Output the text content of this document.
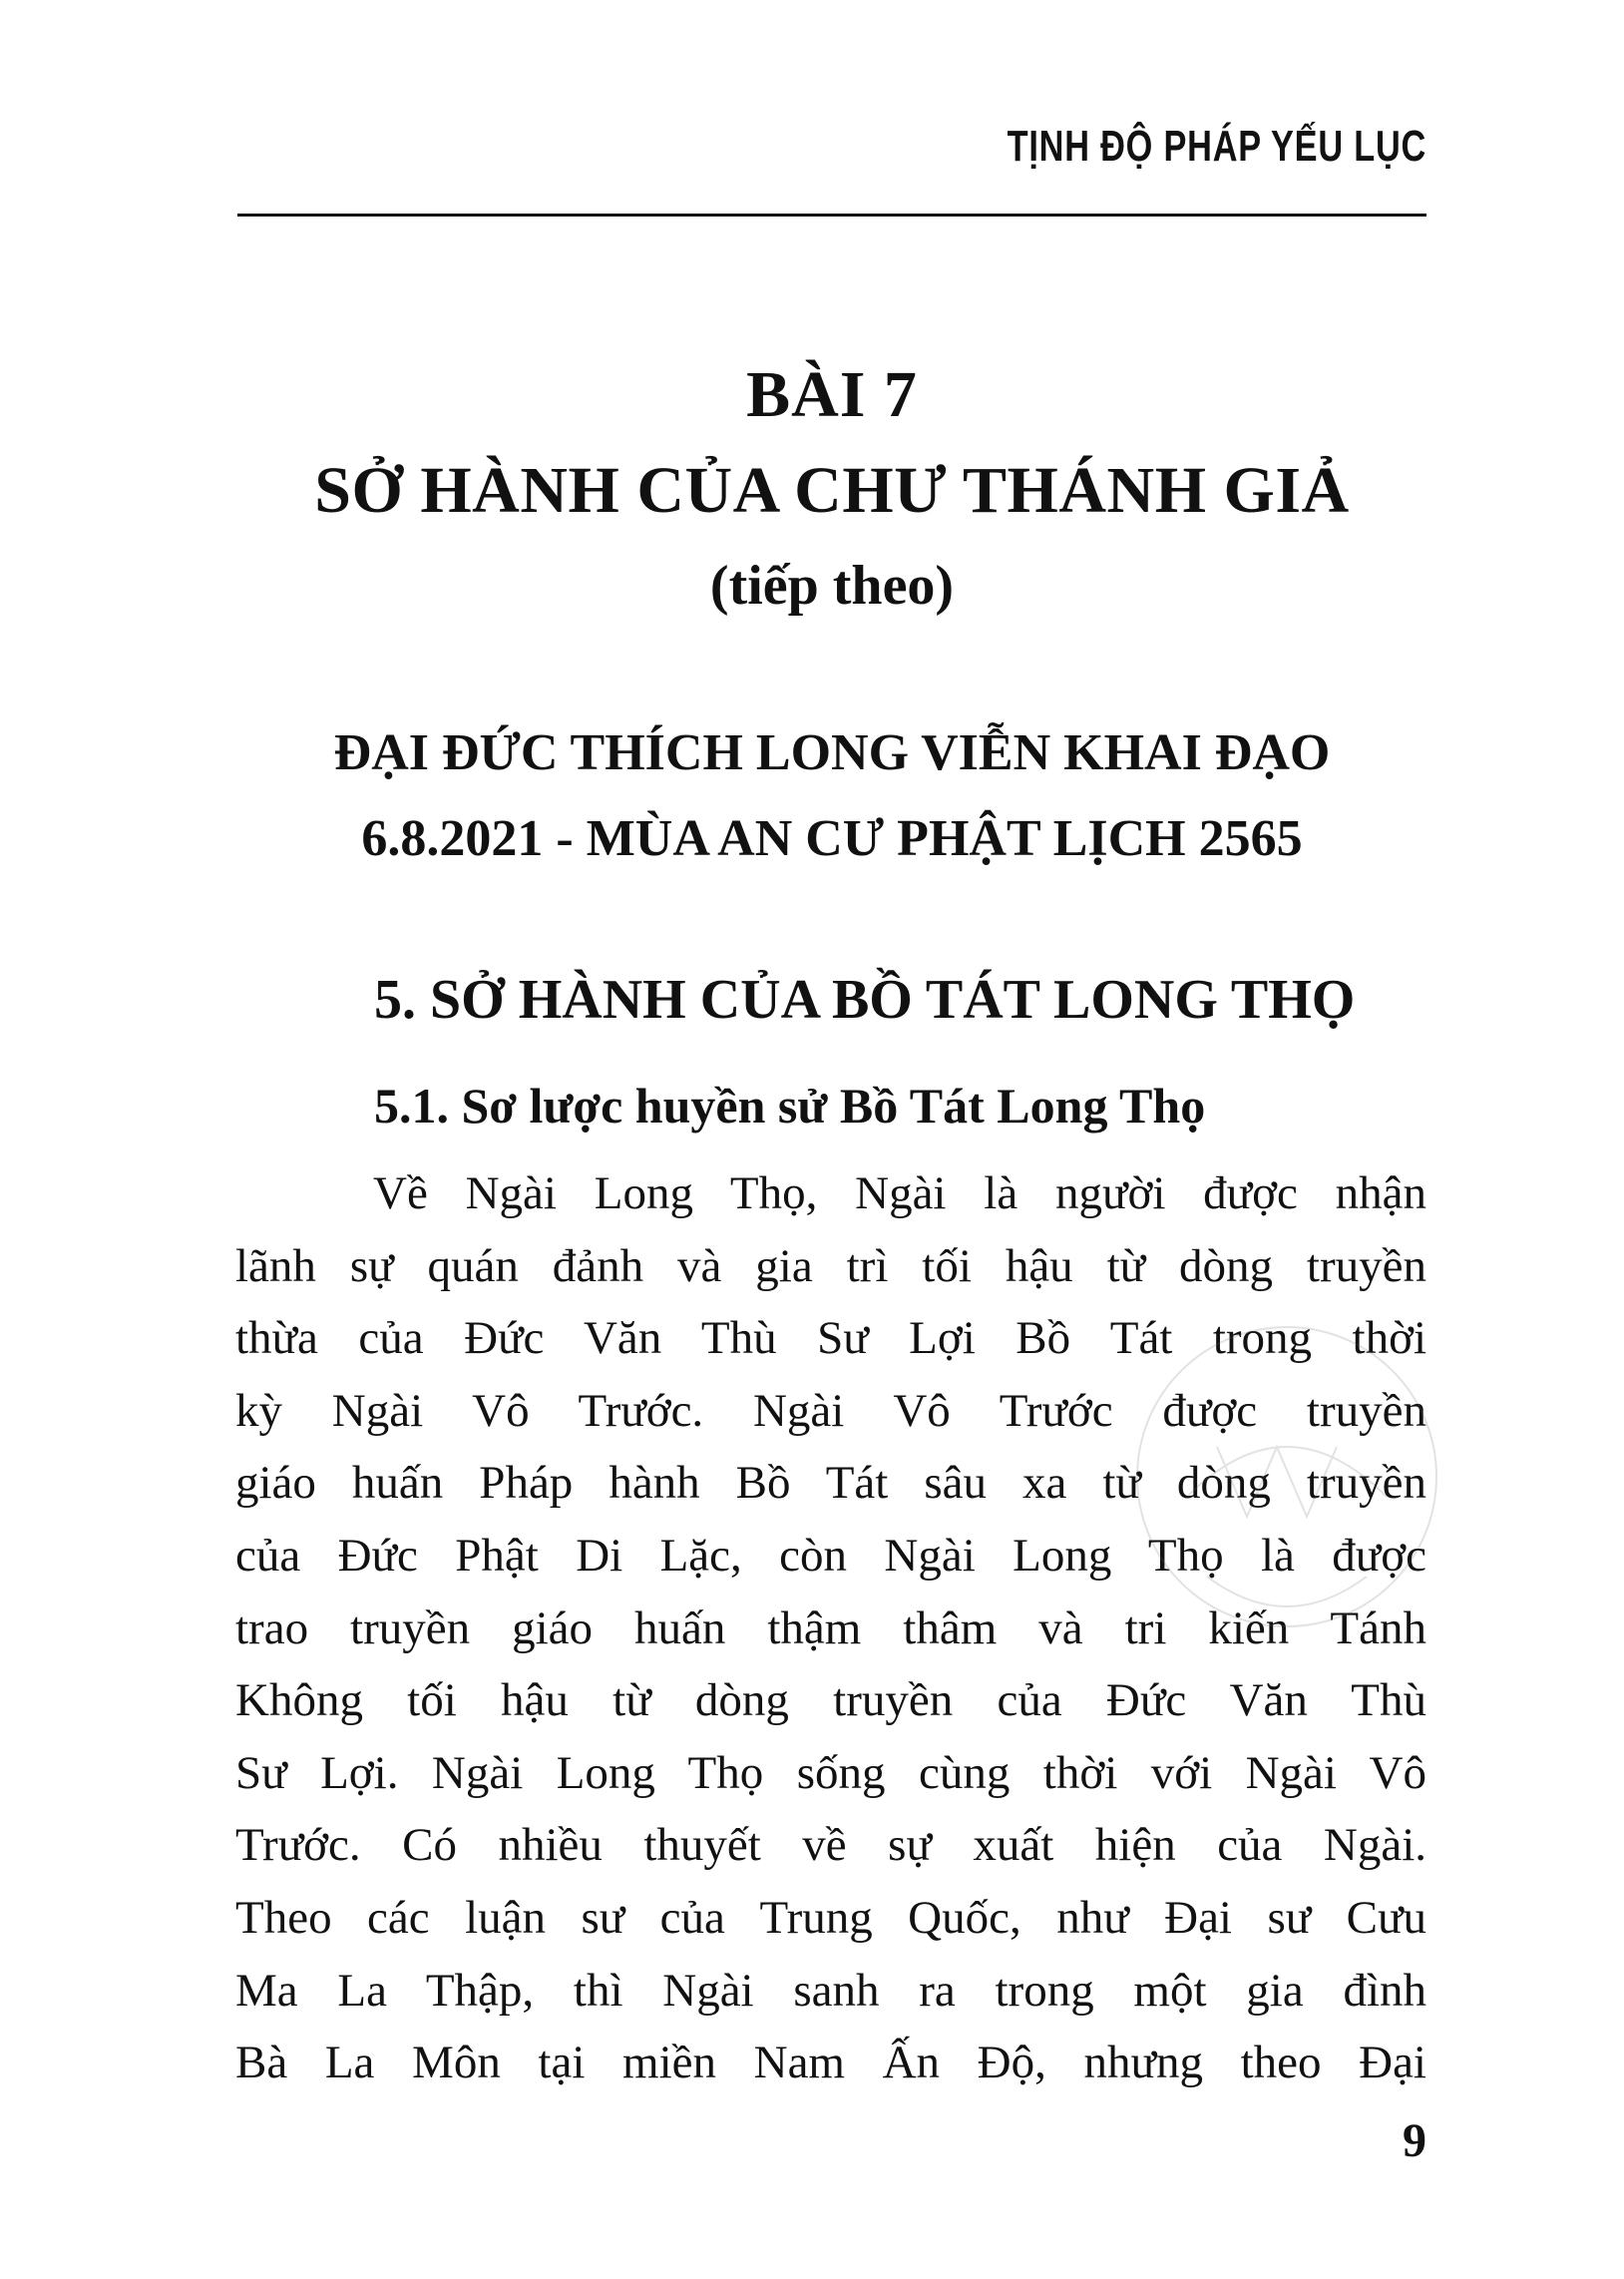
TỊNH ĐỘ PHÁP YẾU LỤC
BÀI 7
SỞ HÀNH CỦA CHƯ THÁNH GIẢ
(tiếp theo)
ĐẠI ĐỨC THÍCH LONG VIỄN KHAI ĐẠO
6.8.2021 - MÙA AN CƯ PHẬT LỊCH 2565
5. SỞ HÀNH CỦA BỒ TÁT LONG THỌ
5.1. Sơ lược huyền sử Bồ Tát Long Thọ
Về Ngài Long Thọ, Ngài là người được nhận
lãnh sự quán đảnh và gia trì tối hậu từ dòng truyền
thừa của Đức Văn Thù Sư Lợi Bồ Tát trong thời
kỳ Ngài Vô Trước. Ngài Vô Trước được truyền
giáo huấn Pháp hành Bồ Tát sâu xa từ dòng truyền
của Đức Phật Di Lặc, còn Ngài Long Thọ là được
trao truyền giáo huấn thậm thâm và tri kiến Tánh
Không tối hậu từ dòng truyền của Đức Văn Thù
Sư Lợi. Ngài Long Thọ sống cùng thời với Ngài Vô
Trước. Có nhiều thuyết về sự xuất hiện của Ngài.
Theo các luận sư của Trung Quốc, như Đại sư Cưu
Ma La Thập, thì Ngài sanh ra trong một gia đình
Bà La Môn tại miền Nam Ấn Độ, nhưng theo Đại
9
